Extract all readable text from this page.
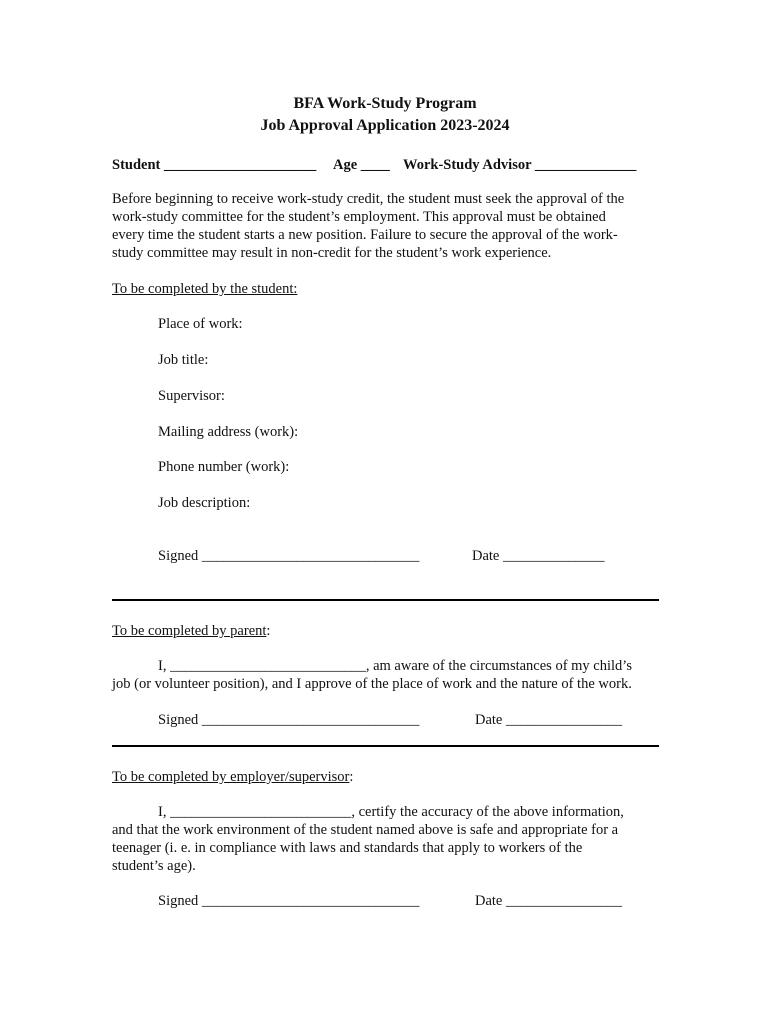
BFA Work-Study Program
Job Approval Application 2023-2024
Student _____________________ Age ____ Work-Study Advisor ______________
Before beginning to receive work-study credit, the student must seek the approval of the
work-study committee for the student’s employment. This approval must be obtained
every time the student starts a new position. Failure to secure the approval of the work-
study committee may result in non-credit for the student’s work experience.
To be completed by the student:
Place of work:
Job title:
Supervisor:
Mailing address (work):
Phone number (work):
Job description:
Signed ______________________________	Date ______________
To be completed by parent:
I, ___________________________, am aware of the circumstances of my child’s
job (or volunteer position), and I approve of the place of work and the nature of the work.
Signed ______________________________	Date ________________
To be completed by employer/supervisor:
I, _________________________, certify the accuracy of the above information,
and that the work environment of the student named above is safe and appropriate for a
teenager (i. e. in compliance with laws and standards that apply to workers of the
student’s age).
Signed ______________________________	Date ________________
